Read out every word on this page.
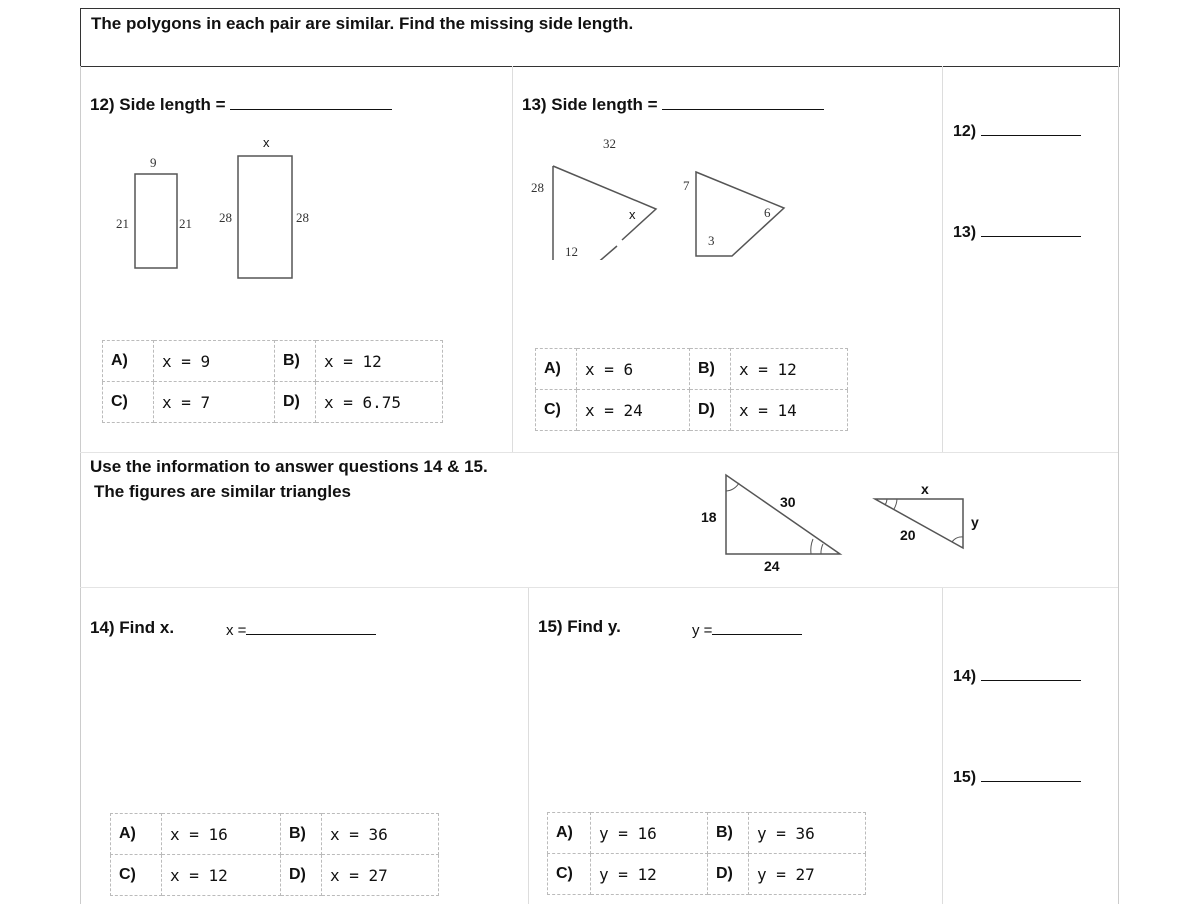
The polygons in each pair are similar. Find the missing side length.
12) Side length =
9
21	21
x
28	28
A)	x = 9	B)	x = 12
C)	x = 7	D)	x = 6.75
13) Side length =
32
28
12
x
7
6
3
A)	x = 6	B)	x = 12
C)	x = 24	D)	x = 14
12)
13)
14)
15)
Use the information to answer questions 14 & 15.
The figures are similar triangles
18
24
30
x
y
20
14) Find x.	x =
A)	x = 16	B)	x = 36
C)	x = 12	D)	x = 27
15) Find y.	y =
A)	y = 16	B)	y = 36
C)	y = 12	D)	y = 27
